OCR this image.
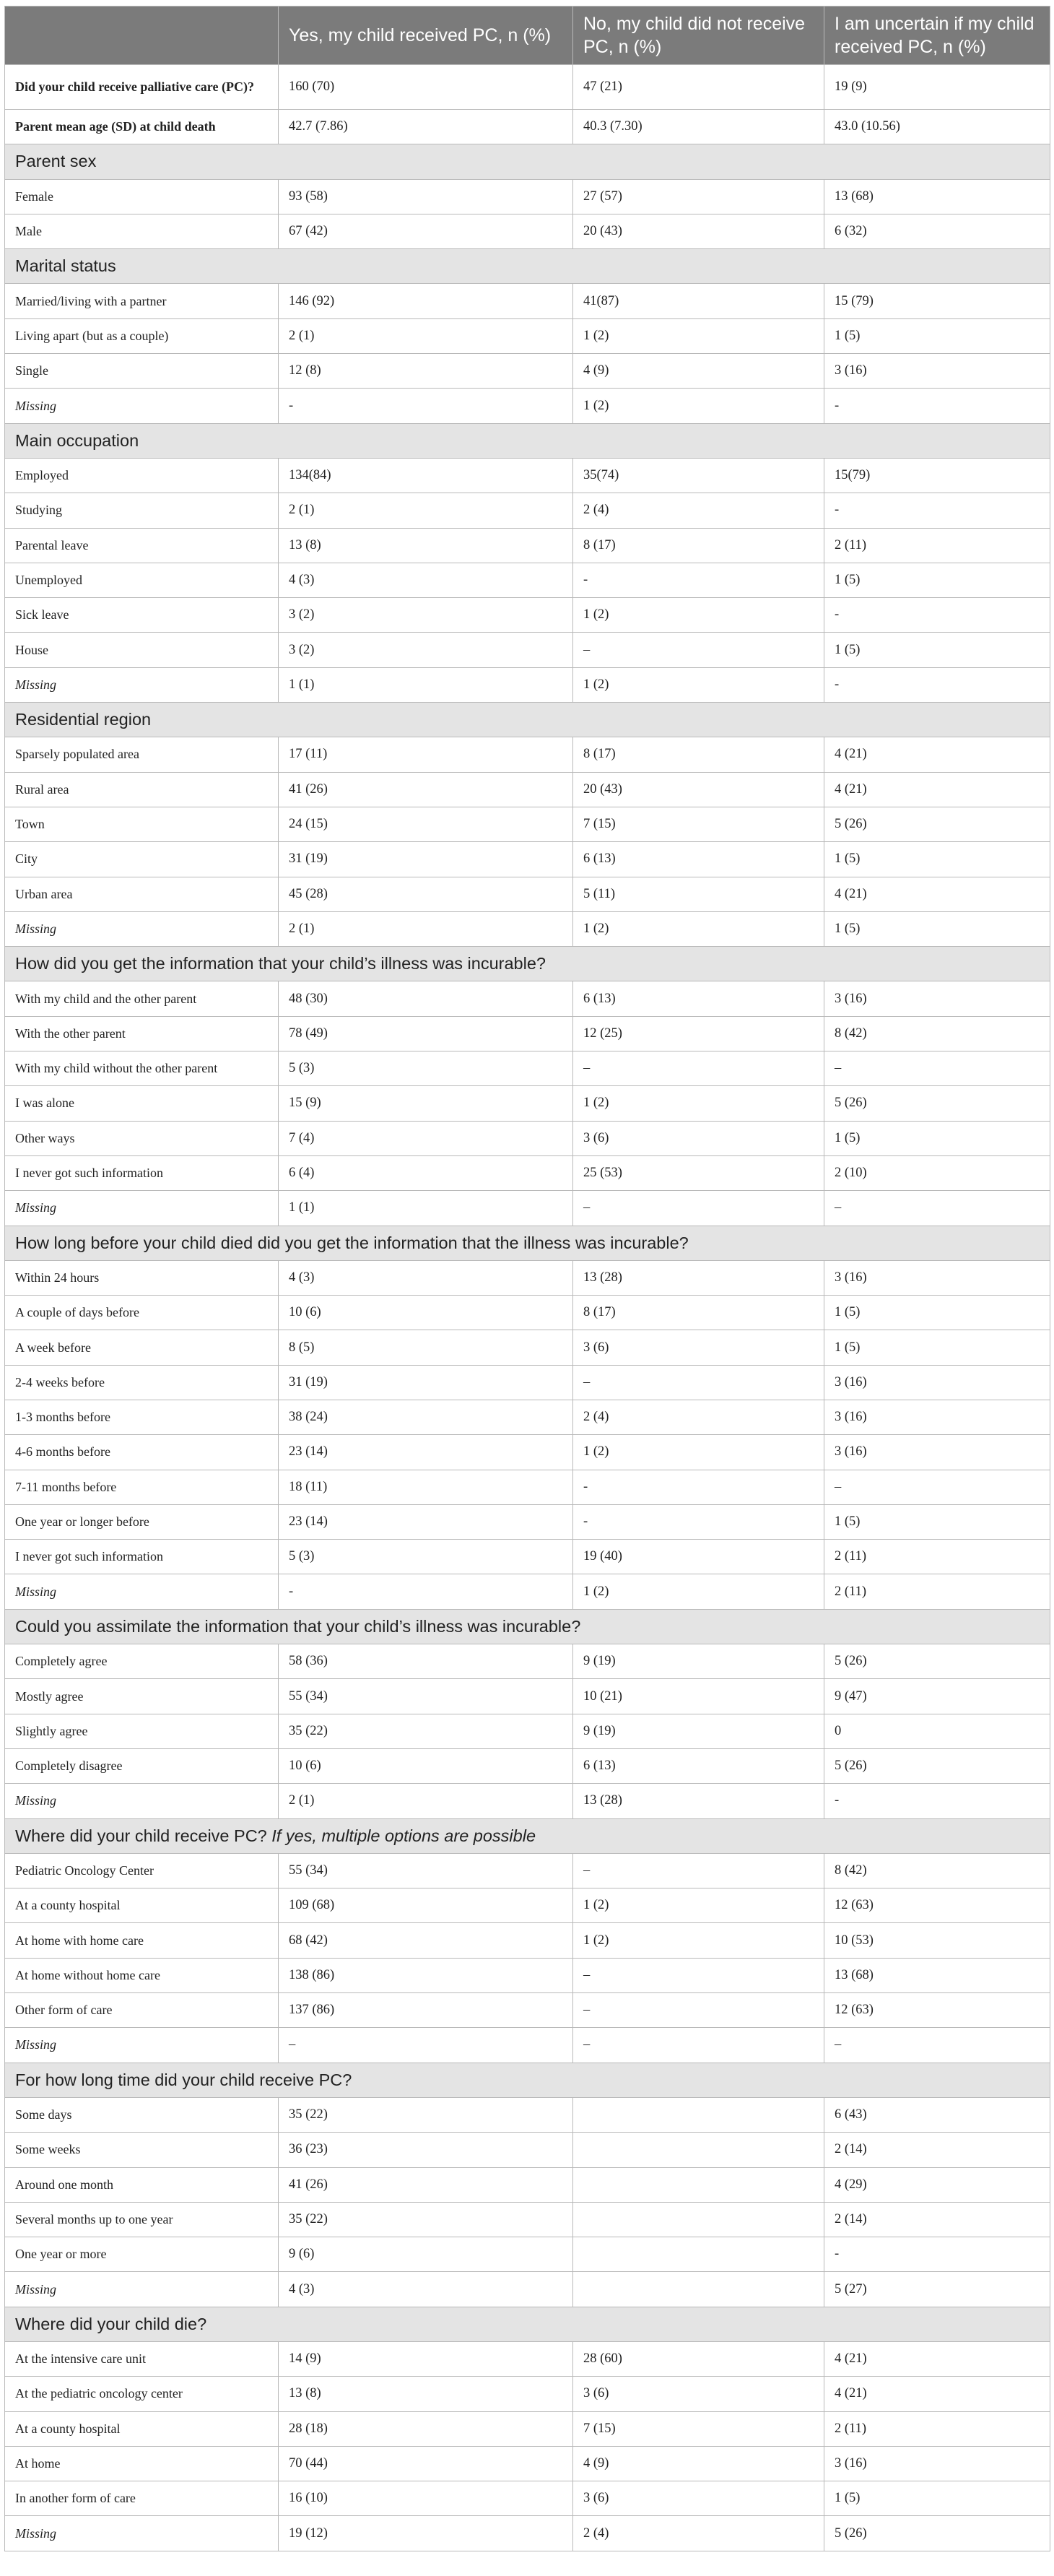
	Yes, my child received PC, n (%)	No, my child did not receive PC, n (%)	I am uncertain if my child received PC, n (%)
Did your child receive palliative care (PC)?	160 (70)	47 (21)	19 (9)
Parent mean age (SD) at child death	42.7 (7.86)	40.3 (7.30)	43.0 (10.56)
Parent sex			
Female	93 (58)	27 (57)	13 (68)
Male	67 (42)	20 (43)	6 (32)
Marital status			
Married/living with a partner	146 (92)	41(87)	15 (79)
Living apart (but as a couple)	2 (1)	1 (2)	1 (5)
Single	12 (8)	4 (9)	3 (16)
Missing	-	1 (2)	-
Main occupation			
Employed	134(84)	35(74)	15(79)
Studying	2 (1)	2 (4)	-
Parental leave	13 (8)	8 (17)	2 (11)
Unemployed	4 (3)	-	1 (5)
Sick leave	3 (2)	1 (2)	-
House	3 (2)	–	1 (5)
Missing	1 (1)	1 (2)	-
Residential region			
Sparsely populated area	17 (11)	8 (17)	4 (21)
Rural area	41 (26)	20 (43)	4 (21)
Town	24 (15)	7 (15)	5 (26)
City	31 (19)	6 (13)	1 (5)
Urban area	45 (28)	5 (11)	4 (21)
Missing	2 (1)	1 (2)	1 (5)
How did you get the information that your child’s illness was incurable?			
With my child and the other parent	48 (30)	6 (13)	3 (16)
With the other parent	78 (49)	12 (25)	8 (42)
With my child without the other parent	5 (3)	–	–
I was alone	15 (9)	1 (2)	5 (26)
Other ways	7 (4)	3 (6)	1 (5)
I never got such information	6 (4)	25 (53)	2 (10)
Missing	1 (1)	–	–
How long before your child died did you get the information that the illness was incurable?			
Within 24 hours	4 (3)	13 (28)	3 (16)
A couple of days before	10 (6)	8 (17)	1 (5)
A week before	8 (5)	3 (6)	1 (5)
2-4 weeks before	31 (19)	–	3 (16)
1-3 months before	38 (24)	2 (4)	3 (16)
4-6 months before	23 (14)	1 (2)	3 (16)
7-11 months before	18 (11)	-	–
One year or longer before	23 (14)	-	1 (5)
I never got such information	5 (3)	19 (40)	2 (11)
Missing	-	1 (2)	2 (11)
Could you assimilate the information that your child’s illness was incurable?			
Completely agree	58 (36)	9 (19)	5 (26)
Mostly agree	55 (34)	10 (21)	9 (47)
Slightly agree	35 (22)	9 (19)	0
Completely disagree	10 (6)	6 (13)	5 (26)
Missing	2 (1)	13 (28)	-
Where did your child receive PC? If yes, multiple options are possible			
Pediatric Oncology Center	55 (34)	–	8 (42)
At a county hospital	109 (68)	1 (2)	12 (63)
At home with home care	68 (42)	1 (2)	10 (53)
At home without home care	138 (86)	–	13 (68)
Other form of care	137 (86)	–	12 (63)
Missing	–	–	–
For how long time did your child receive PC?			
Some days	35 (22)		6 (43)
Some weeks	36 (23)		2 (14)
Around one month	41 (26)		4 (29)
Several months up to one year	35 (22)		2 (14)
One year or more	9 (6)		-
Missing	4 (3)		5 (27)
Where did your child die?			
At the intensive care unit	14 (9)	28 (60)	4 (21)
At the pediatric oncology center	13 (8)	3 (6)	4 (21)
At a county hospital	28 (18)	7 (15)	2 (11)
At home	70 (44)	4 (9)	3 (16)
In another form of care	16 (10)	3 (6)	1 (5)
Missing	19 (12)	2 (4)	5 (26)
